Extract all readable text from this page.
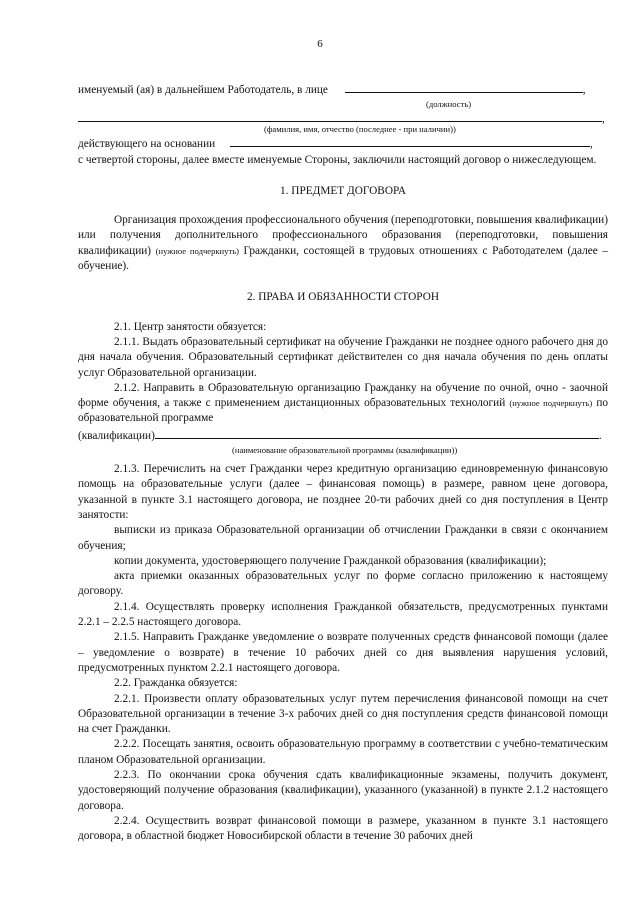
6
именуемый (ая) в дальнейшем Работодатель, в лице	,
(должность)
,
(фамилия, имя, отчество (последнее - при наличии))
действующего на основании	,

с четвертой стороны, далее вместе именуемые Стороны, заключили настоящий договор о нижеследующем.

1. ПРЕДМЕТ ДОГОВОРА

Организация прохождения профессионального обучения (переподготовки, повышения квалификации) или получения дополнительного профессионального образования (переподготовки, повышения квалификации) (нужное подчеркнуть) Гражданки, состоящей в трудовых отношениях с Работодателем (далее – обучение).

2. ПРАВА И ОБЯЗАННОСТИ СТОРОН

2.1. Центр занятости обязуется:

2.1.1. Выдать образовательный сертификат на обучение Гражданки не позднее одного рабочего дня до дня начала обучения. Образовательный сертификат действителен со дня начала обучения по день оплаты услуг Образовательной организации.

2.1.2. Направить в Образовательную организацию Гражданку на обучение по очной, очно - заочной форме обучения, а также с применением дистанционных образовательных технологий (нужное подчеркнуть) по образовательной программе

(квалификации)	.
(наименование образовательной программы (квалификации))

2.1.3. Перечислить на счет Гражданки через кредитную организацию единовременную финансовую помощь на образовательные услуги (далее – финансовая помощь) в размере, равном цене договора, указанной в пункте 3.1 настоящего договора, не позднее 20-ти рабочих дней со дня поступления в Центр занятости:

выписки из приказа Образовательной организации об отчислении Гражданки в связи с окончанием обучения;

копии документа, удостоверяющего получение Гражданкой образования (квалификации);

акта приемки оказанных образовательных услуг по форме согласно приложению к настоящему договору.

2.1.4. Осуществлять проверку исполнения Гражданкой обязательств, предусмотренных пунктами 2.2.1 – 2.2.5 настоящего договора.

2.1.5. Направить Гражданке уведомление о возврате полученных средств финансовой помощи (далее – уведомление о возврате) в течение 10 рабочих дней со дня выявления нарушения условий, предусмотренных пунктом 2.2.1 настоящего договора.

2.2. Гражданка обязуется:

2.2.1. Произвести оплату образовательных услуг путем перечисления финансовой помощи на счет Образовательной организации в течение 3-х рабочих дней со дня поступления средств финансовой помощи на счет Гражданки.

2.2.2. Посещать занятия, освоить образовательную программу в соответствии с учебно-тематическим планом Образовательной организации.

2.2.3. По окончании срока обучения сдать квалификационные экзамены, получить документ, удостоверяющий получение образования (квалификации), указанного (указанной) в пункте 2.1.2 настоящего договора.

2.2.4. Осуществить возврат финансовой помощи в размере, указанном в пункте 3.1 настоящего договора, в областной бюджет Новосибирской области в течение 30 рабочих дней
